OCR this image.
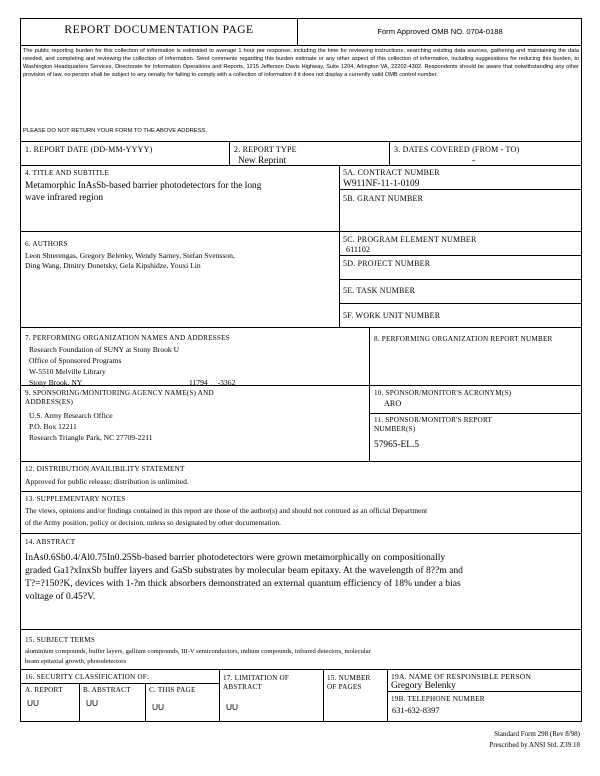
REPORT DOCUMENTATION PAGE	Form Approved OMB NO. 0704-0188
The public reporting burden for this collection of information is estimated to average 1 hour per response, including the time for reviewing instructions, searching existing data sources, gathering and maintaining the data needed, and completing and reviewing the collection of information. Send comments regarding this burden estimate or any other aspect of this collection of information, including suggesstions for reducing this burden, to Washington Headquarters Services, Directorate for Information Operations and Reports, 1215 Jefferson Davis Highway, Suite 1204, Arlington VA, 22202-4302. Respondents should be aware that notwithstanding any other provision of law, no person shall be subject to any oenalty for failing to comply with a collection of information if it does not display a currently valid OMB control number.
PLEASE DO NOT RETURN YOUR FORM TO THE ABOVE ADDRESS.
1. REPORT DATE (DD-MM-YYYY)	2. REPORT TYPE
New Reprint
3. DATES COVERED (FROM - TO)
-
4. TITLE AND SUBTITLE
Metamorphic InAsSb-based barrier photodetectors for the long
wave infrared region
5A. CONTRACT NUMBER
W911NF-11-1-0109
5B. GRANT NUMBER
6. AUTHORS
Leon Shterengas, Gregory Belenky, Wendy Sarney, Stefan Svensson,
Ding Wang, Dmitry Donetsky, Gela Kipshidze, Youxi Lin
5C. PROGRAM ELEMENT NUMBER
611102
5D. PROJECT NUMBER
5E. TASK NUMBER
5F. WORK UNIT NUMBER
7. PERFORMING ORGANIZATION NAMES AND ADDRESSES
Research Foundation of SUNY at Stony Brook U
Office of Sponsored Programs
W-5510 Melville Library
Stony Brook, NY	11794 -3362
8. PERFORMING ORGANIZATION REPORT NUMBER
9. SPONSORING/MONITORING AGENCY NAME(S) AND
ADDRESS(ES)
U.S. Army Research Office
P.O. Box 12211
Research Triangle Park, NC 27709-2211
10. SPONSOR/MONITOR'S ACRONYM(S)
ARO
11. SPONSOR/MONITOR'S REPORT
NUMBER(S)
57965-EL.5
12. DISTRIBUTION AVAILIBILITY STATEMENT
Approved for public release; distribution is unlimited.
13. SUPPLEMENTARY NOTES
The views, opinions and/or findings contained in this report are those of the author(s) and should not contrued as an official Department
of the Army position, policy or decision, unless so designated by other documentation.
14. ABSTRACT
InAs0.6Sb0.4/Al0.75In0.25Sb-based barrier photodetectors were grown metamorphically on compositionally
graded Ga1?xInxSb buffer layers and GaSb substrates by molecular beam epitaxy. At the wavelength of 8??m and
T?=?150?K, devices with 1-?m thick absorbers demonstrated an external quantum efficiency of 18% under a bias
voltage of 0.45?V.
15. SUBJECT TERMS
aluminium compounds, buffer layers, gallium compounds, III-V semiconductors, indium compounds, infrared detectors, molecular
beam epitaxial growth, photodetectors
16. SECURITY CLASSIFICATION OF:
A. REPORT
UU
B. ABSTRACT
UU
C. THIS PAGE
UU
17. LIMITATION OF
ABSTRACT
UU
15. NUMBER
OF PAGES
19A. NAME OF RESPONSIBLE PERSON
Gregory Belenky
19B. TELEPHONE NUMBER
631-632-8397
Standard Form 298 (Rev 8/98)
Prescribed by ANSI Std. Z39.18
